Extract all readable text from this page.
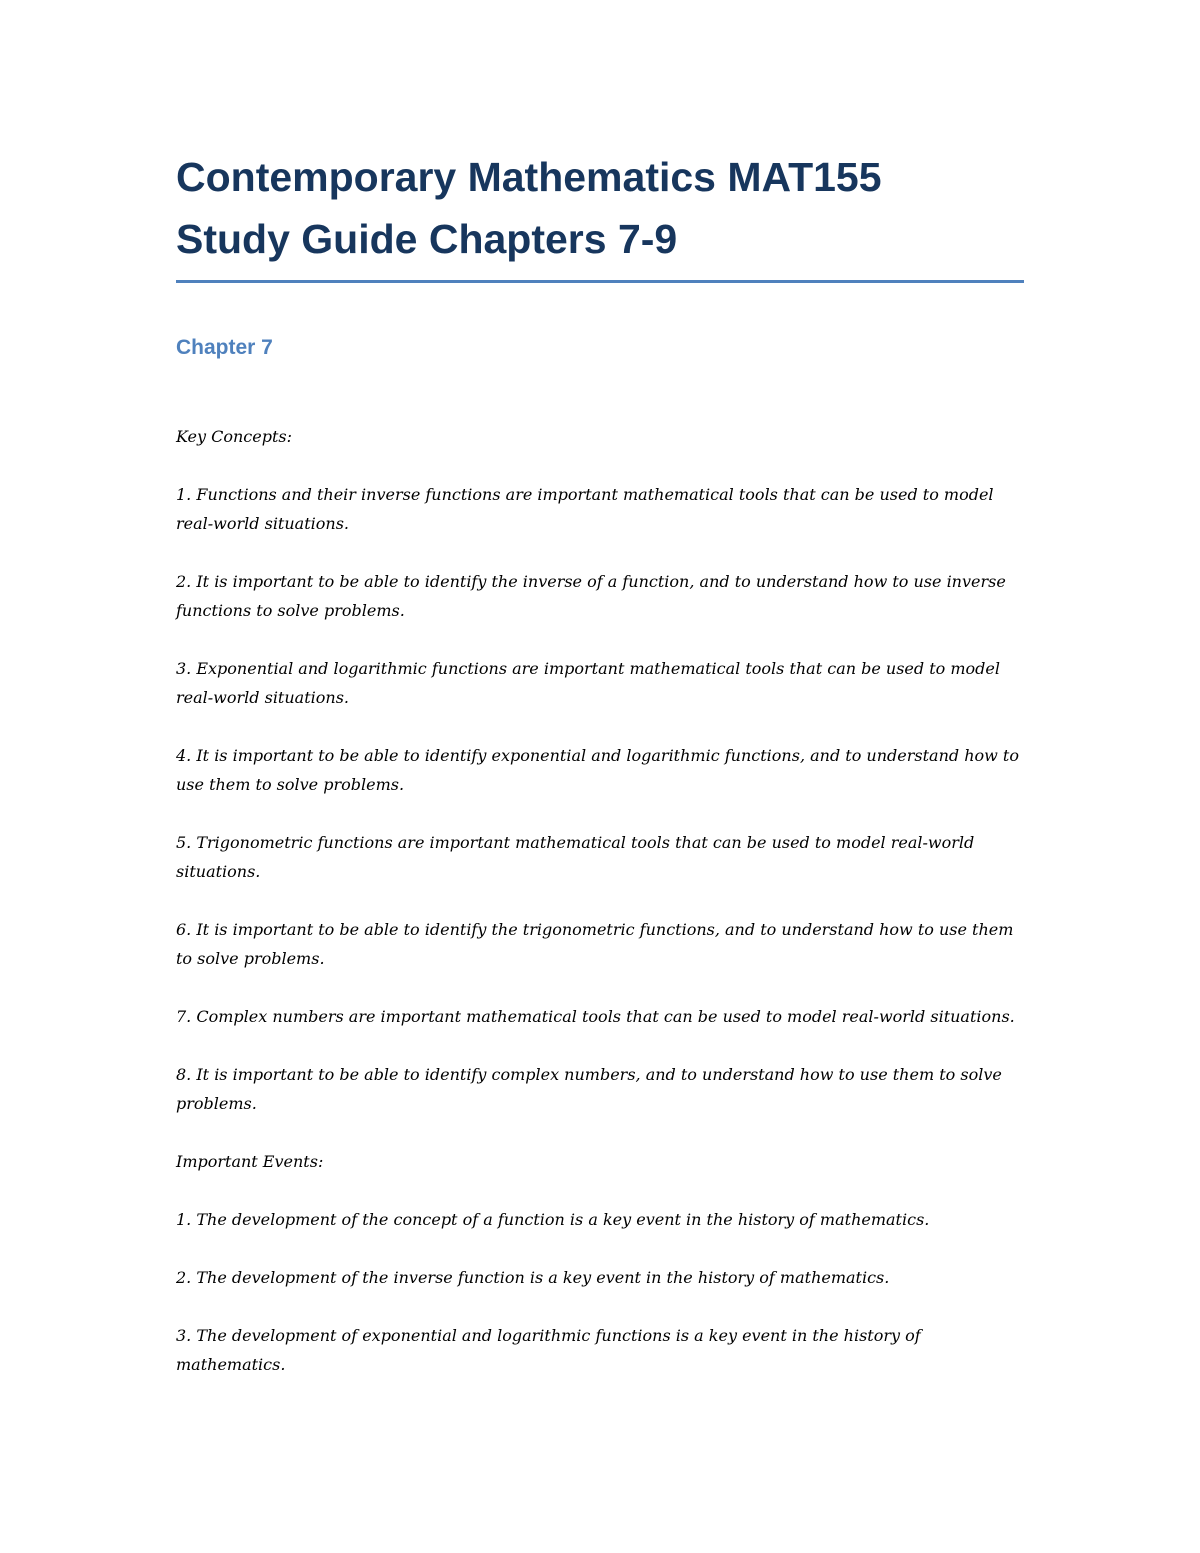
Contemporary Mathematics MAT155
Study Guide Chapters 7-9
Chapter 7

Key Concepts:

1. Functions and their inverse functions are important mathematical tools that can be used to model real-world situations.

2. It is important to be able to identify the inverse of a function, and to understand how to use inverse functions to solve problems.

3. Exponential and logarithmic functions are important mathematical tools that can be used to model real-world situations.

4. It is important to be able to identify exponential and logarithmic functions, and to understand how to use them to solve problems.

5. Trigonometric functions are important mathematical tools that can be used to model real-world situations.

6. It is important to be able to identify the trigonometric functions, and to understand how to use them to solve problems.

7. Complex numbers are important mathematical tools that can be used to model real-world situations.

8. It is important to be able to identify complex numbers, and to understand how to use them to solve problems.

Important Events:

1. The development of the concept of a function is a key event in the history of mathematics.

2. The development of the inverse function is a key event in the history of mathematics.

3. The development of exponential and logarithmic functions is a key event in the history of mathematics.
